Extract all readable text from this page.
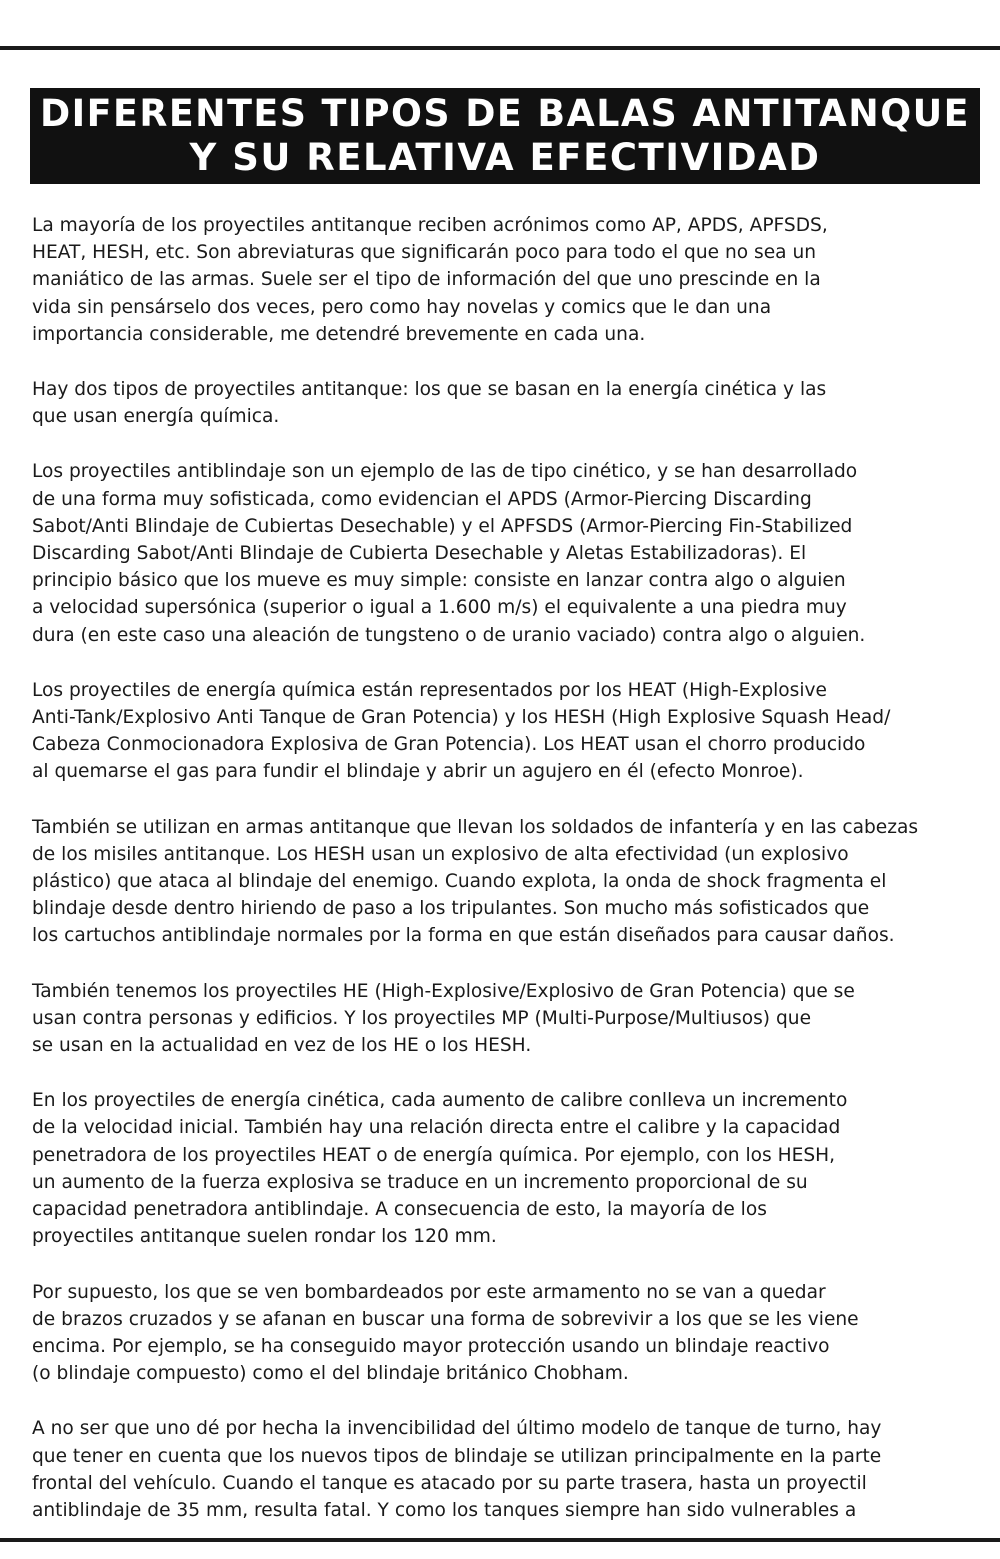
DIFERENTES TIPOS DE BALAS ANTITANQUE
Y SU RELATIVA EFECTIVIDAD
La mayoría de los proyectiles antitanque reciben acrónimos como AP, APDS, APFSDS,
HEAT, HESH, etc. Son abreviaturas que significarán poco para todo el que no sea un
maniático de las armas. Suele ser el tipo de información del que uno prescinde en la
vida sin pensárselo dos veces, pero como hay novelas y comics que le dan una
importancia considerable, me detendré brevemente en cada una.
Hay dos tipos de proyectiles antitanque: los que se basan en la energía cinética y las
que usan energía química.
Los proyectiles antiblindaje son un ejemplo de las de tipo cinético, y se han desarrollado
de una forma muy sofisticada, como evidencian el APDS (Armor-Piercing Discarding
Sabot/Anti Blindaje de Cubiertas Desechable) y el APFSDS (Armor-Piercing Fin-Stabilized
Discarding Sabot/Anti Blindaje de Cubierta Desechable y Aletas Estabilizadoras). El
principio básico que los mueve es muy simple: consiste en lanzar contra algo o alguien
a velocidad supersónica (superior o igual a 1.600 m/s) el equivalente a una piedra muy
dura (en este caso una aleación de tungsteno o de uranio vaciado) contra algo o alguien.
Los proyectiles de energía química están representados por los HEAT (High-Explosive
Anti-Tank/Explosivo Anti Tanque de Gran Potencia) y los HESH (High Explosive Squash Head/
Cabeza Conmocionadora Explosiva de Gran Potencia). Los HEAT usan el chorro producido
al quemarse el gas para fundir el blindaje y abrir un agujero en él (efecto Monroe).
También se utilizan en armas antitanque que llevan los soldados de infantería y en las cabezas
de los misiles antitanque. Los HESH usan un explosivo de alta efectividad (un explosivo
plástico) que ataca al blindaje del enemigo. Cuando explota, la onda de shock fragmenta el
blindaje desde dentro hiriendo de paso a los tripulantes. Son mucho más sofisticados que
los cartuchos antiblindaje normales por la forma en que están diseñados para causar daños.
También tenemos los proyectiles HE (High-Explosive/Explosivo de Gran Potencia) que se
usan contra personas y edificios. Y los proyectiles MP (Multi-Purpose/Multiusos) que
se usan en la actualidad en vez de los HE o los HESH.
En los proyectiles de energía cinética, cada aumento de calibre conlleva un incremento
de la velocidad inicial. También hay una relación directa entre el calibre y la capacidad
penetradora de los proyectiles HEAT o de energía química. Por ejemplo, con los HESH,
un aumento de la fuerza explosiva se traduce en un incremento proporcional de su
capacidad penetradora antiblindaje. A consecuencia de esto, la mayoría de los
proyectiles antitanque suelen rondar los 120 mm.
Por supuesto, los que se ven bombardeados por este armamento no se van a quedar
de brazos cruzados y se afanan en buscar una forma de sobrevivir a los que se les viene
encima. Por ejemplo, se ha conseguido mayor protección usando un blindaje reactivo
(o blindaje compuesto) como el del blindaje británico Chobham.
A no ser que uno dé por hecha la invencibilidad del último modelo de tanque de turno, hay
que tener en cuenta que los nuevos tipos de blindaje se utilizan principalmente en la parte
frontal del vehículo. Cuando el tanque es atacado por su parte trasera, hasta un proyectil
antiblindaje de 35 mm, resulta fatal. Y como los tanques siempre han sido vulnerables a
